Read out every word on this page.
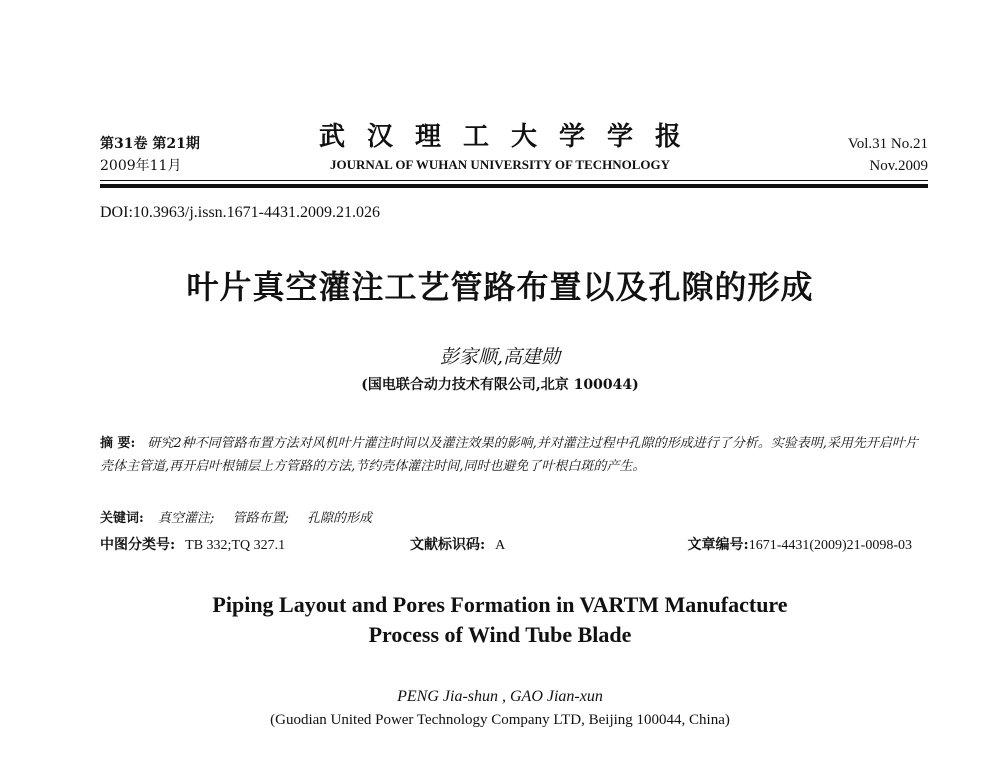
第31卷 第21期
2009年11月
武汉理工大学学报
JOURNAL OF WUHAN UNIVERSITY OF TECHNOLOGY
Vol.31 No.21
Nov.2009
DOI:10.3963/j.issn.1671-4431.2009.21.026
叶片真空灌注工艺管路布置以及孔隙的形成
彭家顺,高建勋
(国电联合动力技术有限公司,北京 100044)
摘 要: 研究2种不同管路布置方法对风机叶片灌注时间以及灌注效果的影响,并对灌注过程中孔隙的形成进行了分析。实验表明,采用先开启叶片壳体主管道,再开启叶根铺层上方管路的方法,节约壳体灌注时间,同时也避免了叶根白斑的产生。
关键词: 真空灌注; 管路布置; 孔隙的形成
中图分类号: TB 332;TQ 327.1	文献标识码: A	文章编号:1671-4431(2009)21-0098-03
Piping Layout and Pores Formation in VARTM Manufacture
Process of Wind Tube Blade
PENG Jia-shun , GAO Jian-xun
(Guodian United Power Technology Company LTD, Beijing 100044, China)
